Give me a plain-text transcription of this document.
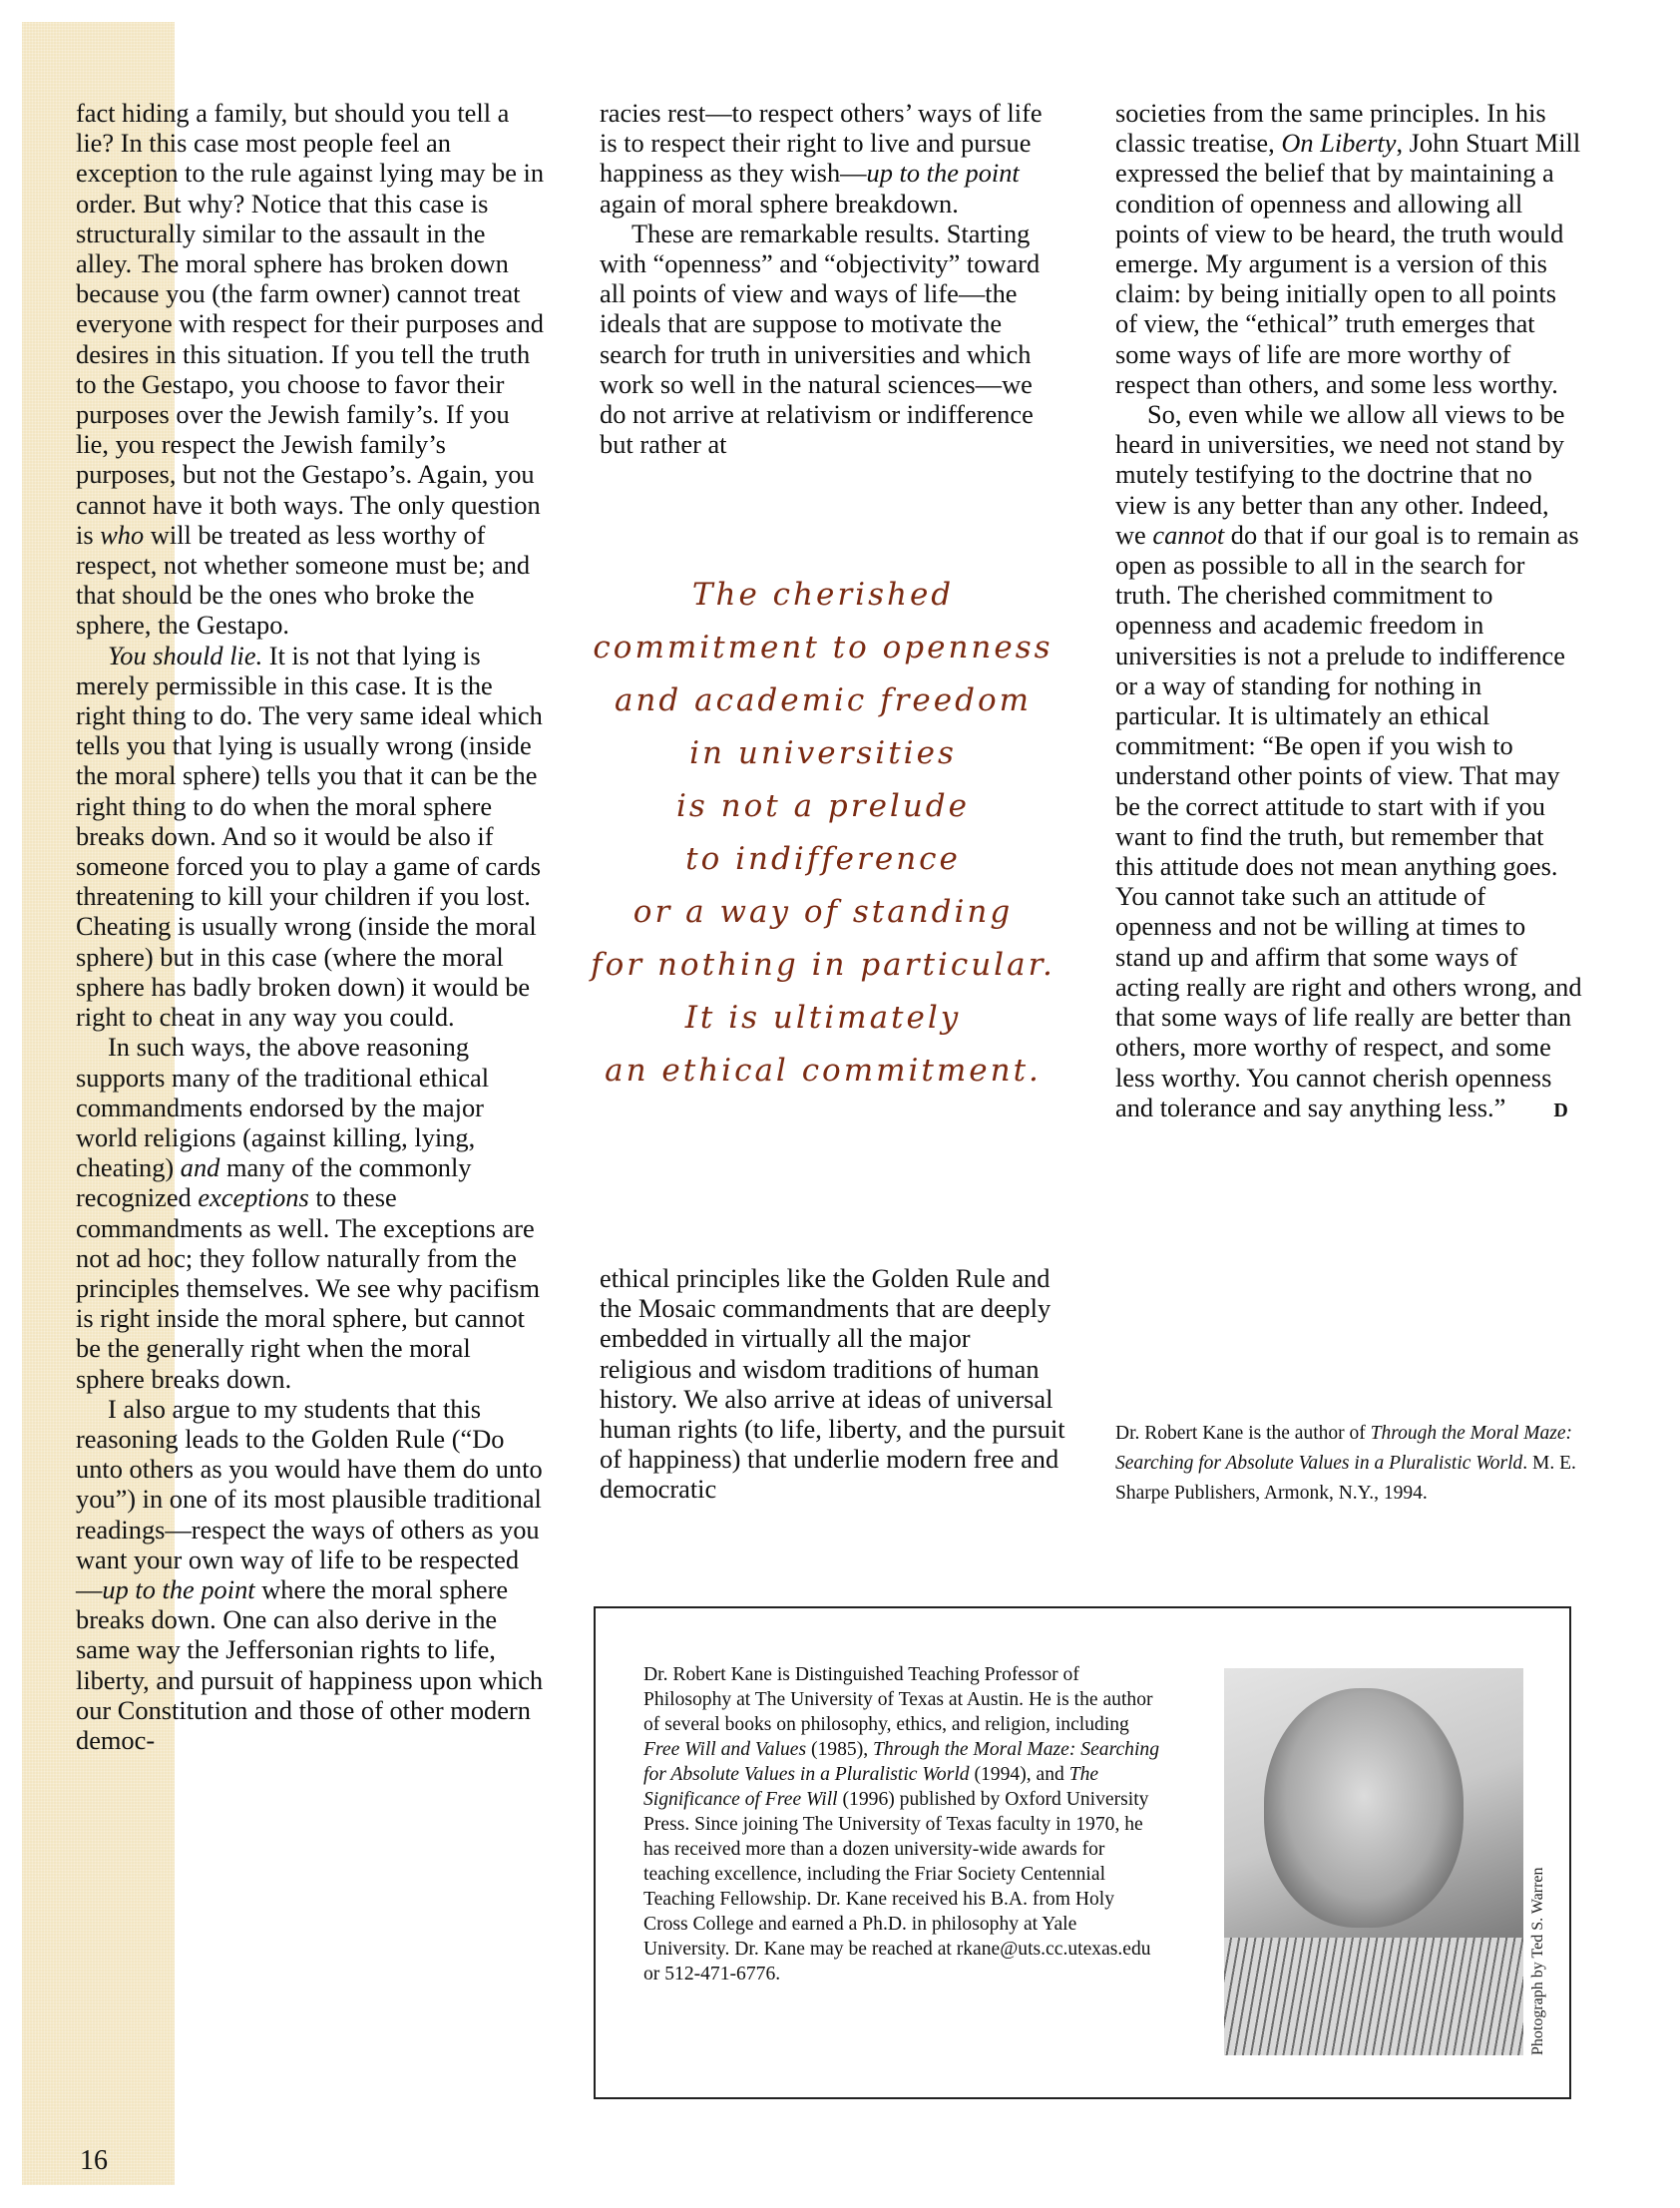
fact hiding a family, but should you tell a lie? In this case most people feel an exception to the rule against lying may be in order. But why? Notice that this case is structurally similar to the assault in the alley. The moral sphere has broken down because you (the farm owner) cannot treat everyone with respect for their purposes and desires in this situation. If you tell the truth to the Gestapo, you choose to favor their purposes over the Jewish family’s. If you lie, you respect the Jewish family’s purposes, but not the Gestapo’s. Again, you cannot have it both ways. The only question is who will be treated as less worthy of respect, not whether someone must be; and that should be the ones who broke the sphere, the Gestapo.

You should lie. It is not that lying is merely permissible in this case. It is the right thing to do. The very same ideal which tells you that lying is usually wrong (inside the moral sphere) tells you that it can be the right thing to do when the moral sphere breaks down. And so it would be also if someone forced you to play a game of cards threatening to kill your children if you lost. Cheating is usually wrong (inside the moral sphere) but in this case (where the moral sphere has badly broken down) it would be right to cheat in any way you could.

In such ways, the above reasoning supports many of the traditional ethical commandments endorsed by the major world religions (against killing, lying, cheating) and many of the commonly recognized exceptions to these commandments as well. The exceptions are not ad hoc; they follow naturally from the principles themselves. We see why pacifism is right inside the moral sphere, but cannot be the generally right when the moral sphere breaks down.

I also argue to my students that this reasoning leads to the Golden Rule (“Do unto others as you would have them do unto you”) in one of its most plausible traditional readings—respect the ways of others as you want your own way of life to be respected—up to the point where the moral sphere breaks down. One can also derive in the same way the Jeffersonian rights to life, liberty, and pursuit of happiness upon which our Constitution and those of other modern democ-

racies rest—to respect others’ ways of life is to respect their right to live and pursue happiness as they wish—up to the point again of moral sphere breakdown.

These are remarkable results. Starting with “openness” and “objectivity” toward all points of view and ways of life—the ideals that are suppose to motivate the search for truth in universities and which work so well in the natural sciences—we do not arrive at relativism or indifference but rather at

The cherished
commitment to openness
and academic freedom
in universities
is not a prelude
to indifference
or a way of standing
for nothing in particular.
It is ultimately
an ethical commitment.

ethical principles like the Golden Rule and the Mosaic commandments that are deeply embedded in virtually all the major religious and wisdom traditions of human history. We also arrive at ideas of universal human rights (to life, liberty, and the pursuit of happiness) that underlie modern free and democratic

societies from the same principles. In his classic treatise, On Liberty, John Stuart Mill expressed the belief that by maintaining a condition of openness and allowing all points of view to be heard, the truth would emerge. My argument is a version of this claim: by being initially open to all points of view, the “ethical” truth emerges that some ways of life are more worthy of respect than others, and some less worthy.

So, even while we allow all views to be heard in universities, we need not stand by mutely testifying to the doctrine that no view is any better than any other. Indeed, we cannot do that if our goal is to remain as open as possible to all in the search for truth. The cherished commitment to openness and academic freedom in universities is not a prelude to indifference or a way of standing for nothing in particular. It is ultimately an ethical commitment: “Be open if you wish to understand other points of view. That may be the correct attitude to start with if you want to find the truth, but remember that this attitude does not mean anything goes. You cannot take such an attitude of openness and not be willing at times to stand up and affirm that some ways of acting really are right and others wrong, and that some ways of life really are better than others, more worthy of respect, and some less worthy. You cannot cherish openness and tolerance and say anything less.” D

Dr. Robert Kane is the author of Through the Moral Maze: Searching for Absolute Values in a Pluralistic World. M. E. Sharpe Publishers, Armonk, N.Y., 1994.

Dr. Robert Kane is Distinguished Teaching Professor of Philosophy at The University of Texas at Austin. He is the author of several books on philosophy, ethics, and religion, including Free Will and Values (1985), Through the Moral Maze: Searching for Absolute Values in a Pluralistic World (1994), and The Significance of Free Will (1996) published by Oxford University Press. Since joining The University of Texas faculty in 1970, he has received more than a dozen university-wide awards for teaching excellence, including the Friar Society Centennial Teaching Fellowship. Dr. Kane received his B.A. from Holy Cross College and earned a Ph.D. in philosophy at Yale University. Dr. Kane may be reached at rkane@uts.cc.utexas.edu or 512-471-6776.	Photograph by Ted S. Warren
16
